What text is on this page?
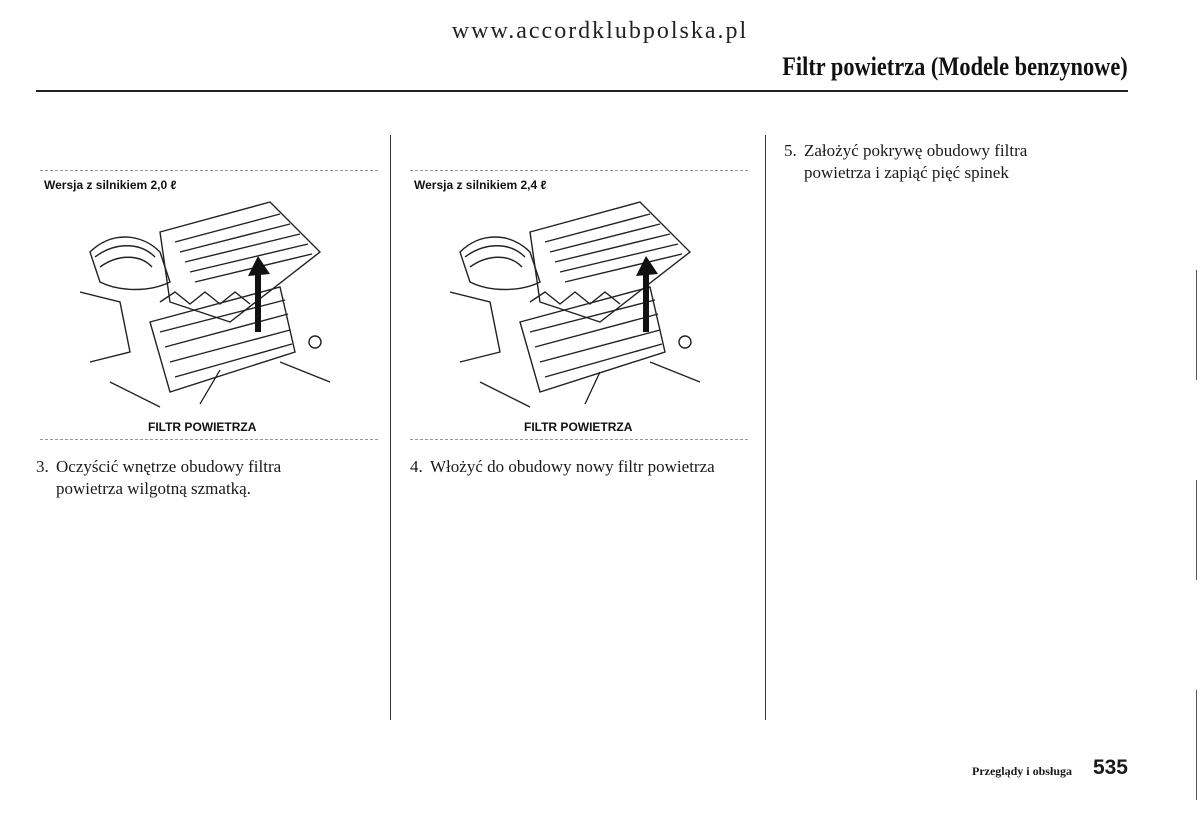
www.accordklubpolska.pl
Filtr powietrza (Modele benzynowe)
Wersja z silnikiem 2,0 ℓ
FILTR POWIETRZA
Wersja z silnikiem 2,4 ℓ
FILTR POWIETRZA
3. Oczyścić wnętrze obudowy filtra
powietrza wilgotną szmatką.
4. Włożyć do obudowy nowy filtr powietrza
5. Założyć pokrywę obudowy filtra
powietrza i zapiąć pięć spinek
Przeglądy i obsługa 535
